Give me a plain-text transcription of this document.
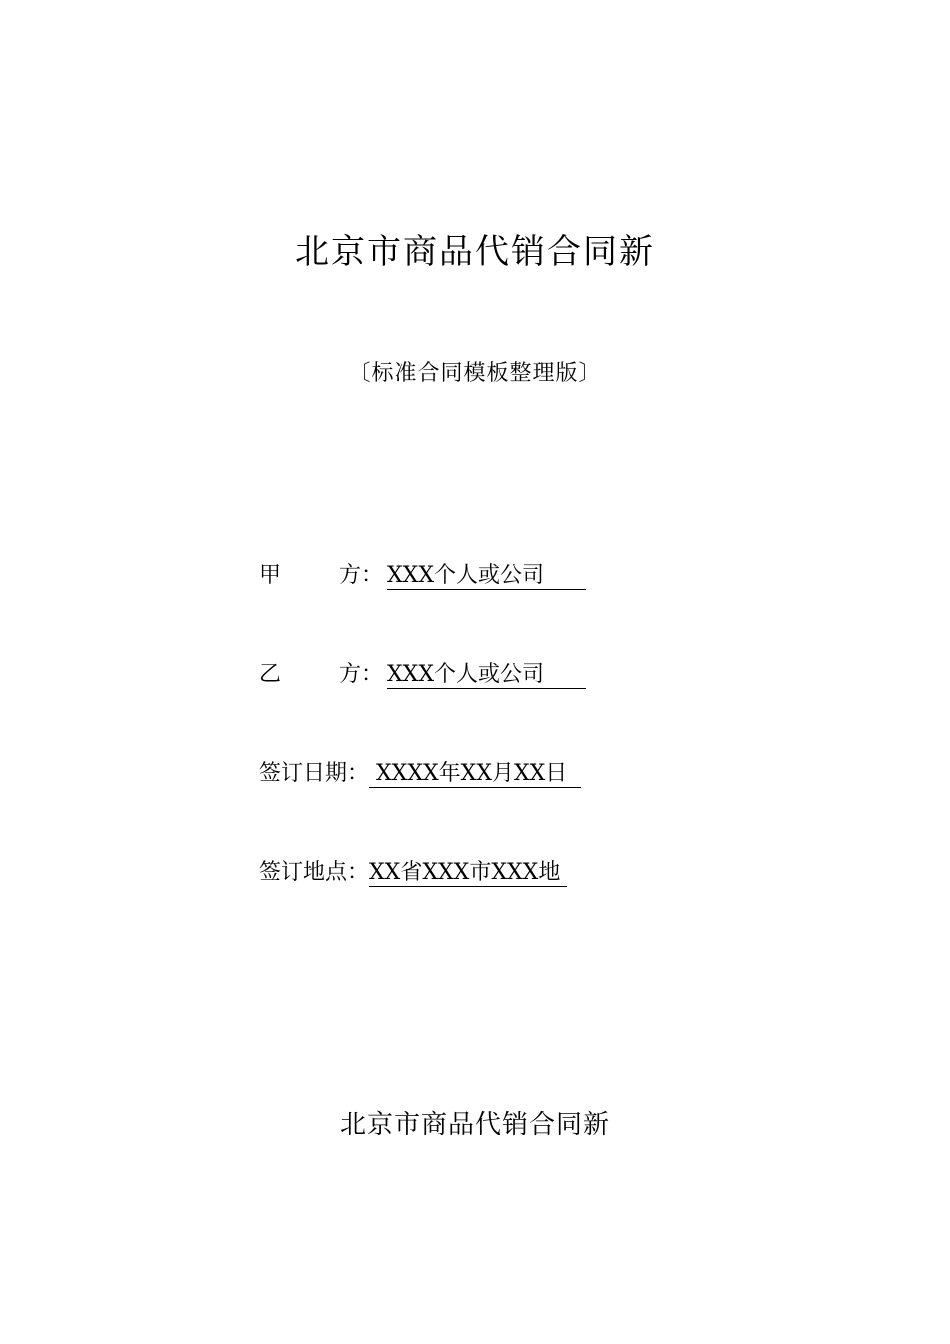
北京市商品代销合同新
〔标准合同模板整理版〕
甲	方： XXX个人或公司
乙	方： XXX个人或公司
签订日期： XXXX年XX月XX日
签订地点：XX省XXX市XXX地
北京市商品代销合同新
